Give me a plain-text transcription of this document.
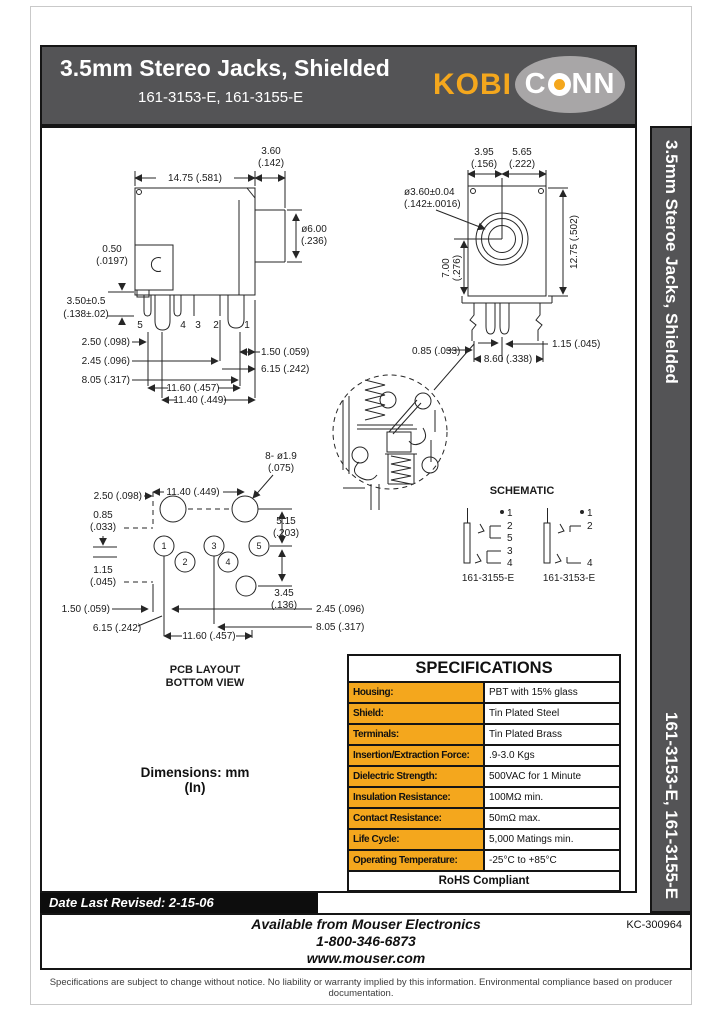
3.5mm Stereo Jacks, Shielded
161-3153-E, 161-3155-E	KOBI C NN
3.5mm Steroe Jacks, Shielded
161-3153-E, 161-3155-E
14.75 (.581)
3.60
(.142)
ø6.00
(.236)
0.50
(.0197)
3.50±0.5
(.138±.02)
5	4 3 2	1
2.50 (.098)
2.45 (.096)
8.05 (.317)
11.60 (.457)
11.40 (.449)
1.50 (.059)
6.15 (.242)
3.95
(.156)
5.65
(.222)
ø3.60±0.04
(.142±.0016)
12.75 (.502)
7.00 (.276)
0.85 (.033)
1.15 (.045)
8.60 (.338)
SCHEMATIC
1
2
5
3
4
161-3155-E
1
2
4
161-3153-E
8- ø1.9
(.075)
11.40 (.449)
2.50 (.098)
0.85
(.033)
1.15
(.045)
1
2
3
4
5
5.15
(.203)
3.45
(.136)
1.50 (.059)	2.45 (.096)
6.15 (.242)	8.05 (.317)
11.60 (.457)
PCB LAYOUT
BOTTOM VIEW
Dimensions: mm (In)
SPECIFICATIONS	
Housing:	PBT with 15% glass
Shield:	Tin Plated Steel
Terminals:	Tin Plated Brass
Insertion/Extraction Force:	.9-3.0 Kgs
Dielectric Strength:	500VAC for 1 Minute
Insulation Resistance:	100MΩ min.
Contact Resistance:	50mΩ max.
Life Cycle:	5,000 Matings min.
Operating Temperature:	-25°C to +85°C
RoHS Compliant	
Date Last Revised: 2-15-06
Available from Mouser Electronics
1-800-346-6873
www.mouser.com
KC-300964
Specifications are subject to change without notice. No liability or warranty implied by this information. Environmental compliance based on producer documentation.
